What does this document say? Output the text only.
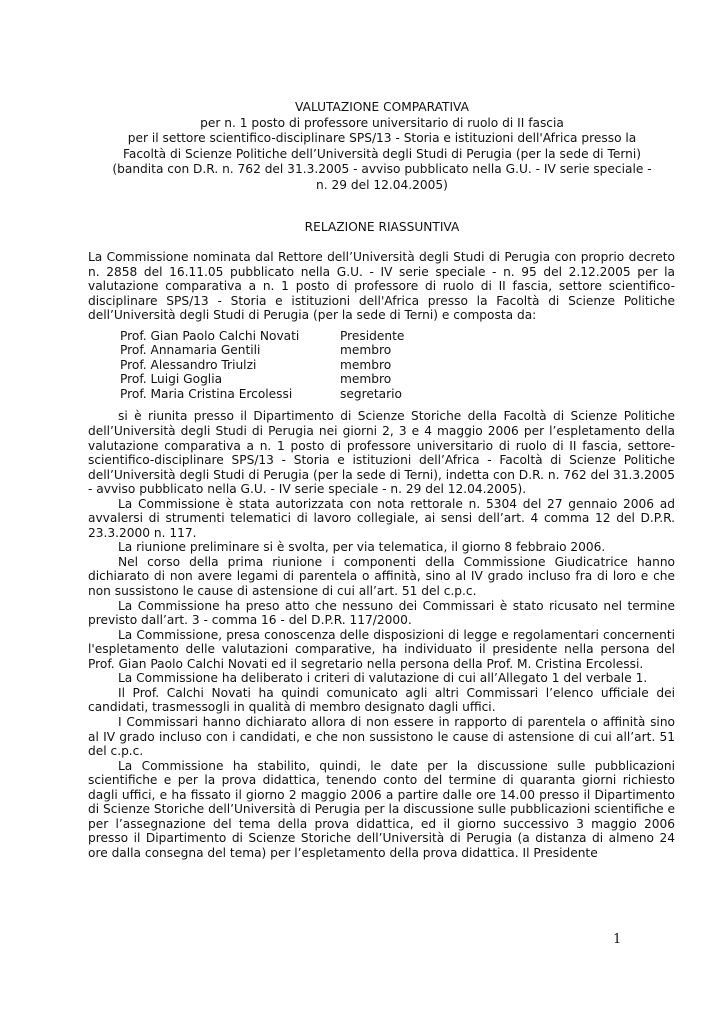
VALUTAZIONE COMPARATIVA
per n. 1 posto di professore universitario di ruolo di II fascia
per il settore scientifico-disciplinare SPS/13 - Storia e istituzioni dell'Africa presso la
Facoltà di Scienze Politiche dell’Università degli Studi di Perugia (per la sede di Terni)
(bandita con D.R. n. 762 del 31.3.2005 - avviso pubblicato nella G.U. - IV serie speciale -
n. 29 del 12.04.2005)
RELAZIONE RIASSUNTIVA

La Commissione nominata dal Rettore dell’Università degli Studi di Perugia con proprio decreto n. 2858 del 16.11.05 pubblicato nella G.U. - IV serie speciale - n. 95 del 2.12.2005 per la valutazione comparativa a n. 1 posto di professore di ruolo di II fascia, settore scientifico-disciplinare SPS/13 - Storia e istituzioni dell'Africa presso la Facoltà di Scienze Politiche dell’Università degli Studi di Perugia (per la sede di Terni) e composta da:

Prof. Gian Paolo Calchi Novati	Presidente
Prof. Annamaria Gentili	membro
Prof. Alessandro Triulzi	membro
Prof. Luigi Goglia	membro
Prof. Maria Cristina Ercolessi	segretario

si è riunita presso il Dipartimento di Scienze Storiche della Facoltà di Scienze Politiche dell’Università degli Studi di Perugia nei giorni 2, 3 e 4 maggio 2006 per l’espletamento della valutazione comparativa a n. 1 posto di professore universitario di ruolo di II fascia, settore-scientifico-disciplinare SPS/13 - Storia e istituzioni dell’Africa - Facoltà di Scienze Politiche dell’Università degli Studi di Perugia (per la sede di Terni), indetta con D.R. n. 762 del 31.3.2005 - avviso pubblicato nella G.U. - IV serie speciale - n. 29 del 12.04.2005).

La Commissione è stata autorizzata con nota rettorale n. 5304 del 27 gennaio 2006 ad avvalersi di strumenti telematici di lavoro collegiale, ai sensi dell’art. 4 comma 12 del D.P.R. 23.3.2000 n. 117.

La riunione preliminare si è svolta, per via telematica, il giorno 8 febbraio 2006.

Nel corso della prima riunione i componenti della Commissione Giudicatrice hanno dichiarato di non avere legami di parentela o affinità, sino al IV grado incluso fra di loro e che non sussistono le cause di astensione di cui all’art. 51 del c.p.c.

La Commissione ha preso atto che nessuno dei Commissari è stato ricusato nel termine previsto dall’art. 3 - comma 16 - del D.P.R. 117/2000.

La Commissione, presa conoscenza delle disposizioni di legge e regolamentari concernenti l'espletamento delle valutazioni comparative, ha individuato il presidente nella persona del Prof. Gian Paolo Calchi Novati ed il segretario nella persona della Prof. M. Cristina Ercolessi.

La Commissione ha deliberato i criteri di valutazione di cui all’Allegato 1 del verbale 1.

Il Prof. Calchi Novati ha quindi comunicato agli altri Commissari l’elenco ufficiale dei candidati, trasmessogli in qualità di membro designato dagli uffici.

I Commissari hanno dichiarato allora di non essere in rapporto di parentela o affinità sino al IV grado incluso con i candidati, e che non sussistono le cause di astensione di cui all’art. 51 del c.p.c.

La Commissione ha stabilito, quindi, le date per la discussione sulle pubblicazioni scientifiche e per la prova didattica, tenendo conto del termine di quaranta giorni richiesto dagli uffici, e ha fissato il giorno 2 maggio 2006 a partire dalle ore 14.00 presso il Dipartimento di Scienze Storiche dell’Università di Perugia per la discussione sulle pubblicazioni scientifiche e per l’assegnazione del tema della prova didattica, ed il giorno successivo 3 maggio 2006 presso il Dipartimento di Scienze Storiche dell’Università di Perugia (a distanza di almeno 24 ore dalla consegna del tema) per l’espletamento della prova didattica. Il Presidente

1
